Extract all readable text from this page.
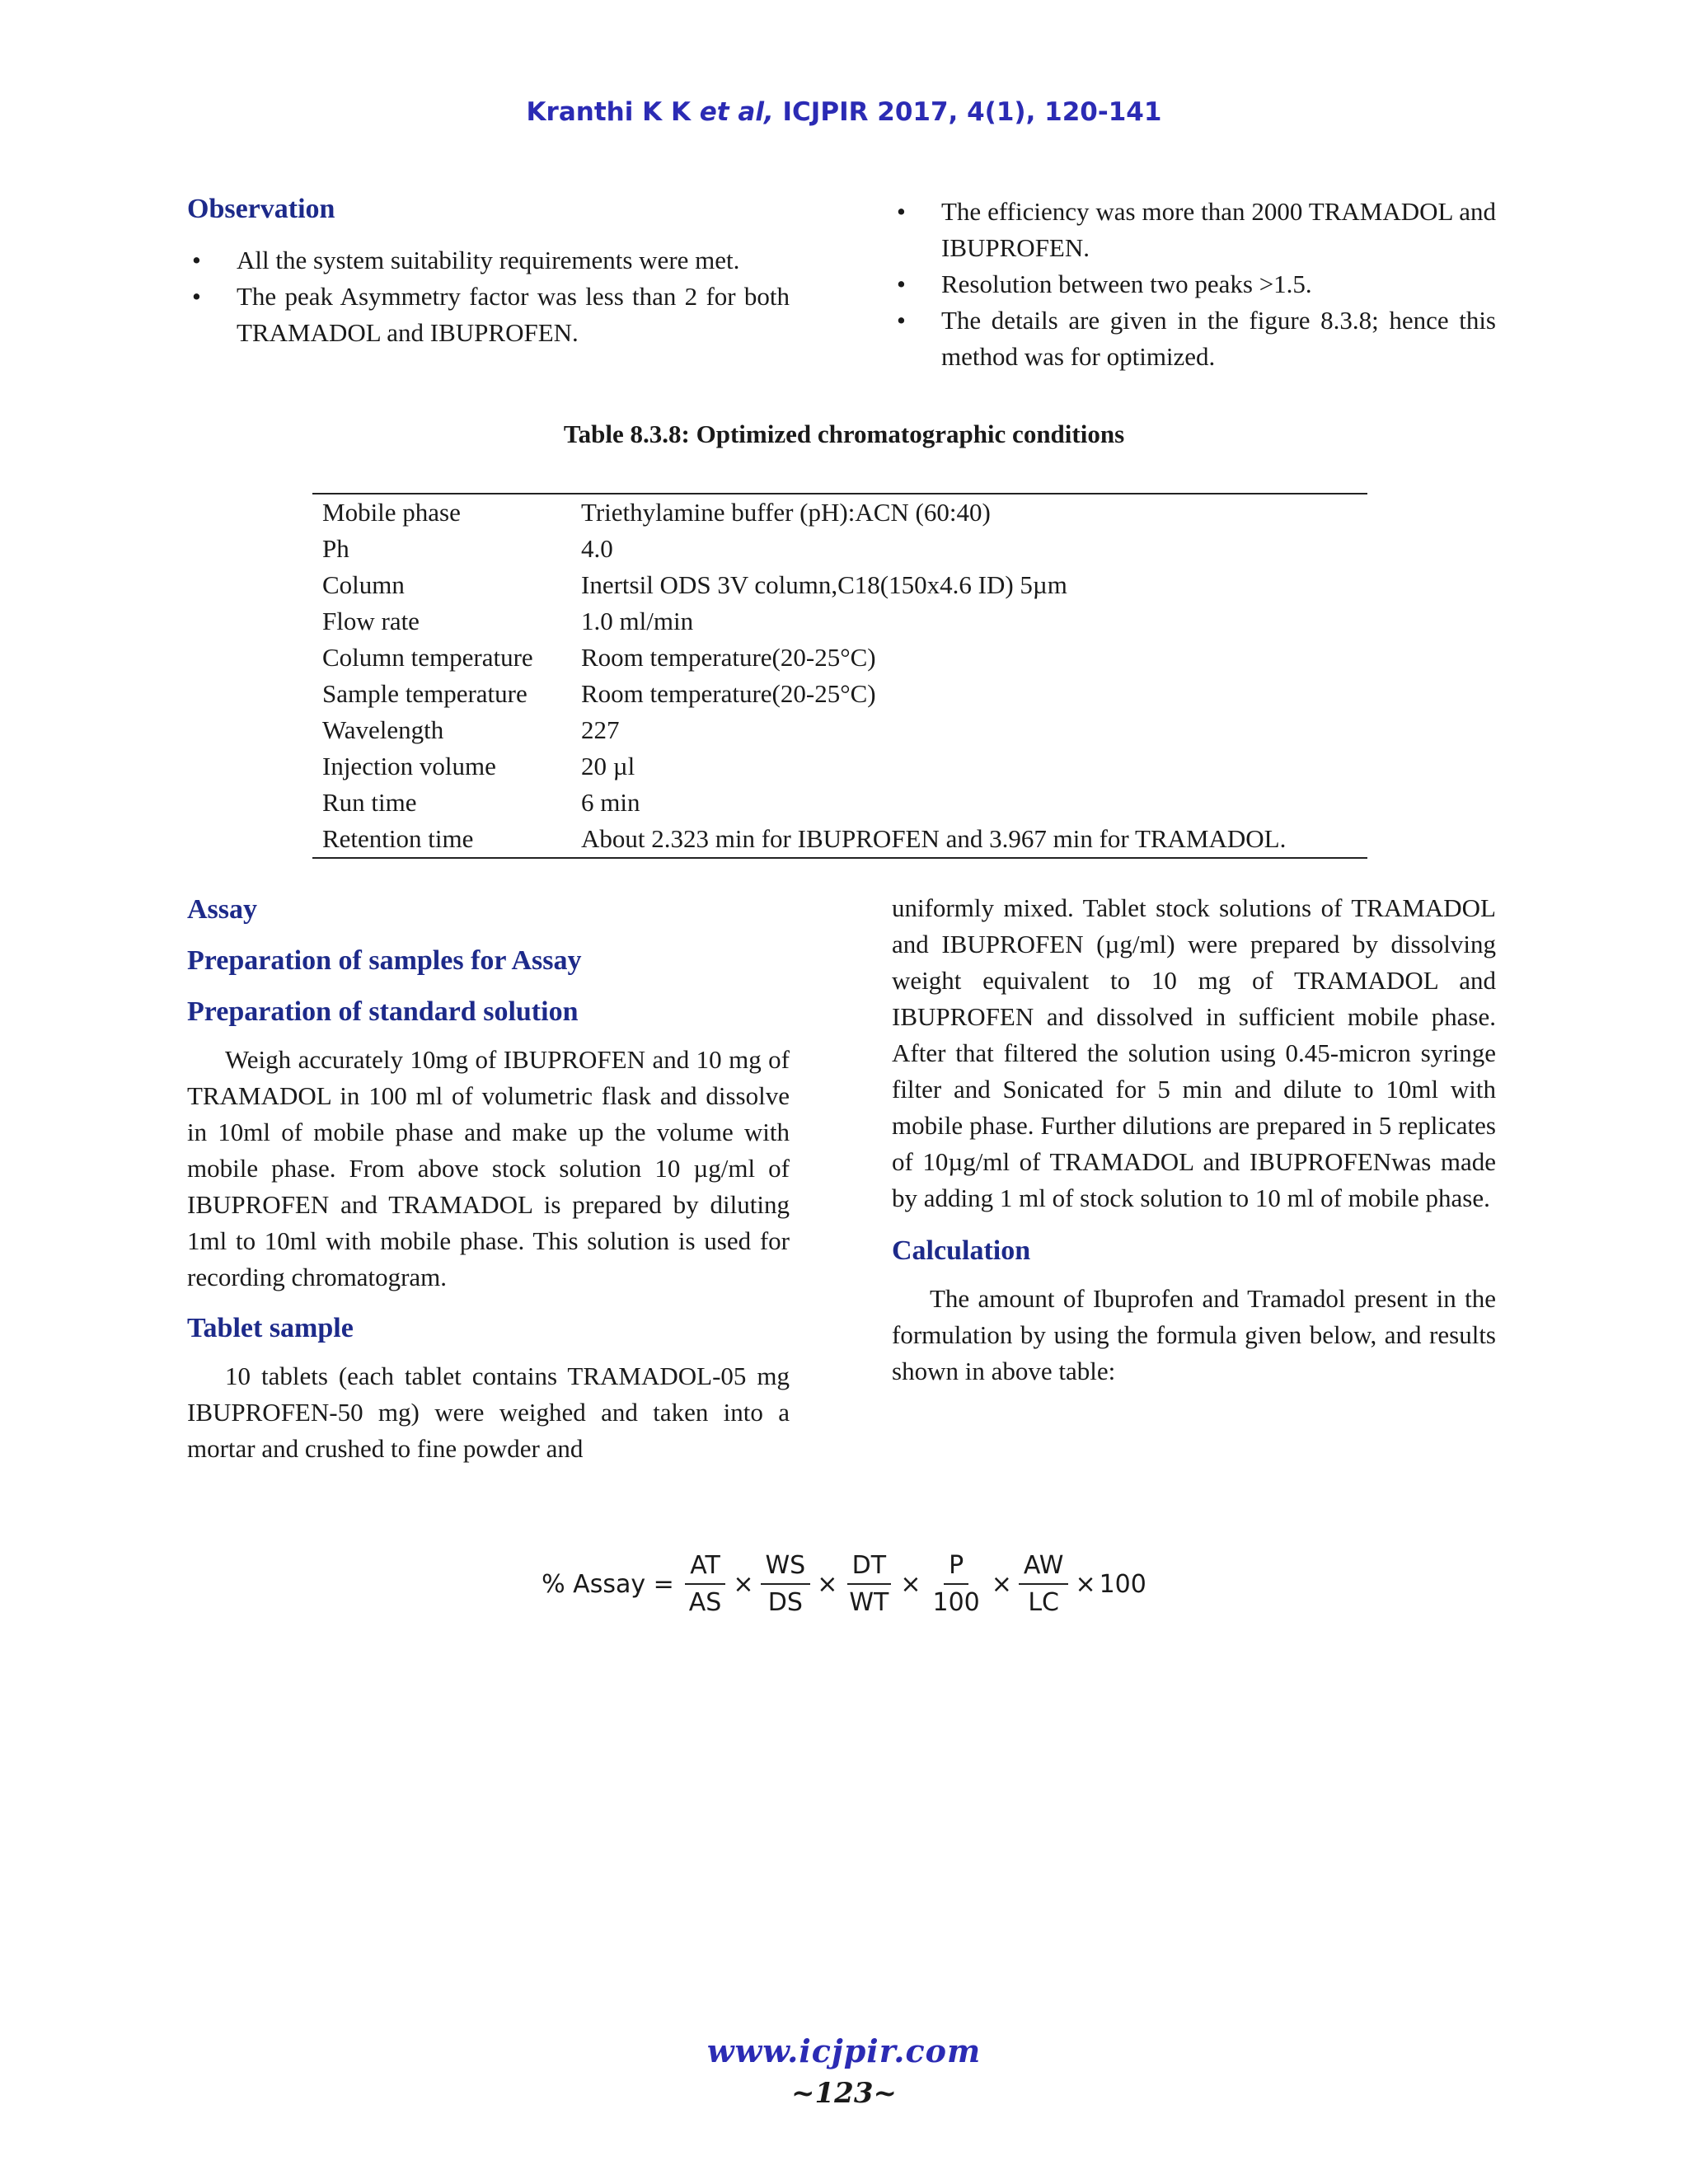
Kranthi K K et al, ICJPIR 2017, 4(1), 120-141
Observation
• All the system suitability requirements were met.
• The peak Asymmetry factor was less than 2 for both TRAMADOL and IBUPROFEN.
• The efficiency was more than 2000 TRAMADOL and IBUPROFEN.
• Resolution between two peaks >1.5.
• The details are given in the figure 8.3.8; hence this method was for optimized.
Table 8.3.8: Optimized chromatographic conditions
Mobile phase	Triethylamine buffer (pH):ACN (60:40)
Ph	4.0
Column	Inertsil ODS 3V column,C18(150x4.6 ID) 5µm
Flow rate	1.0 ml/min
Column temperature	Room temperature(20-25°C)
Sample temperature	Room temperature(20-25°C)
Wavelength	227
Injection volume	20 µl
Run time	6 min
Retention time	About 2.323 min for IBUPROFEN and 3.967 min for TRAMADOL.
Assay
Preparation of samples for Assay
Preparation of standard solution

Weigh accurately 10mg of IBUPROFEN and 10 mg of TRAMADOL in 100 ml of volumetric flask and dissolve in 10ml of mobile phase and make up the volume with mobile phase. From above stock solution 10 µg/ml of IBUPROFEN and TRAMADOL is prepared by diluting 1ml to 10ml with mobile phase. This solution is used for recording chromatogram.

Tablet sample

10 tablets (each tablet contains TRAMADOL-05 mg IBUPROFEN-50 mg) were weighed and taken into a mortar and crushed to fine powder and

uniformly mixed. Tablet stock solutions of TRAMADOL and IBUPROFEN (µg/ml) were prepared by dissolving weight equivalent to 10 mg of TRAMADOL and IBUPROFEN and dissolved in sufficient mobile phase. After that filtered the solution using 0.45-micron syringe filter and Sonicated for 5 min and dilute to 10ml with mobile phase. Further dilutions are prepared in 5 replicates of 10µg/ml of TRAMADOL and IBUPROFENwas made by adding 1 ml of stock solution to 10 ml of mobile phase.

Calculation

The amount of Ibuprofen and Tramadol present in the formulation by using the formula given below, and results shown in above table:

% Assay = $\frac{AT}{AS} \times \frac{WS}{DS} \times \frac{DT}{WT} \times \frac{P}{100} \times \frac{AW}{LC} \times 100$
www.icjpir.com
~123~
